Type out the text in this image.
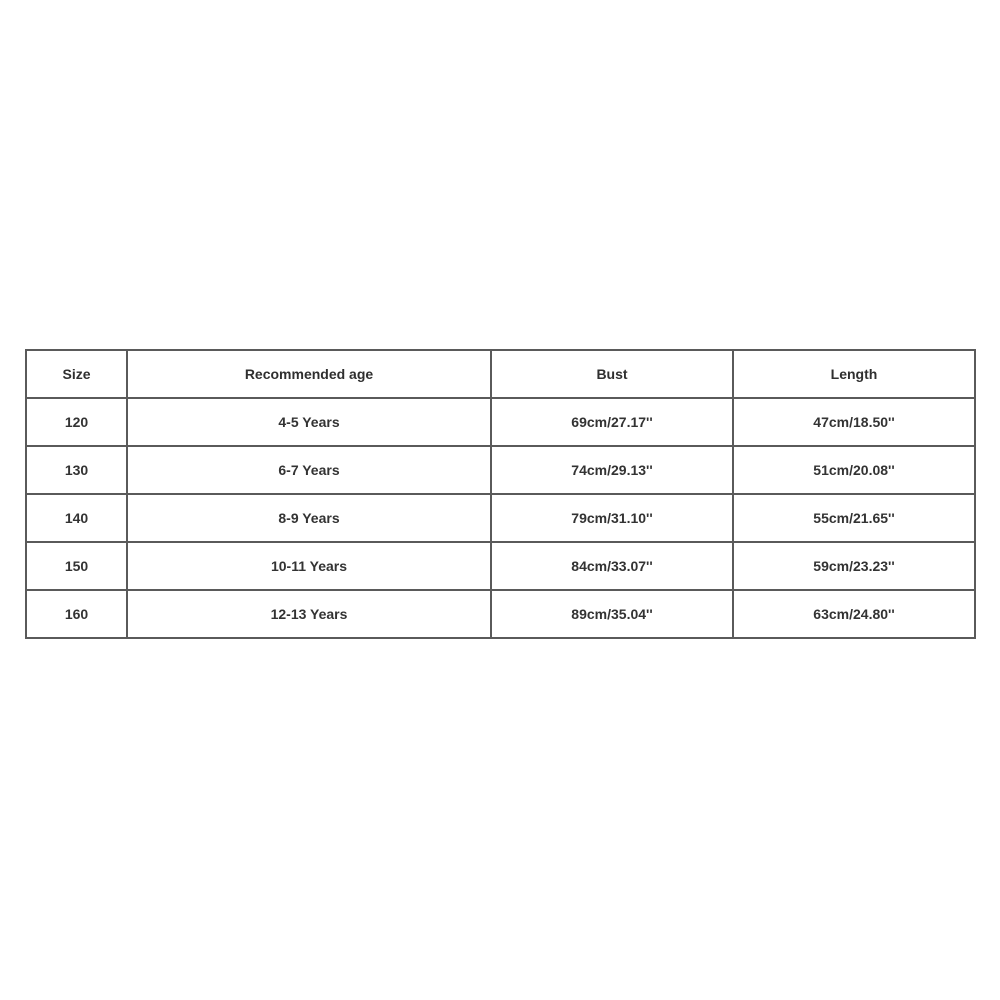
Size	Recommended age	Bust	Length
120	4-5 Years	69cm/27.17''	47cm/18.50''
130	6-7 Years	74cm/29.13''	51cm/20.08''
140	8-9 Years	79cm/31.10''	55cm/21.65''
150	10-11 Years	84cm/33.07''	59cm/23.23''
160	12-13 Years	89cm/35.04''	63cm/24.80''
